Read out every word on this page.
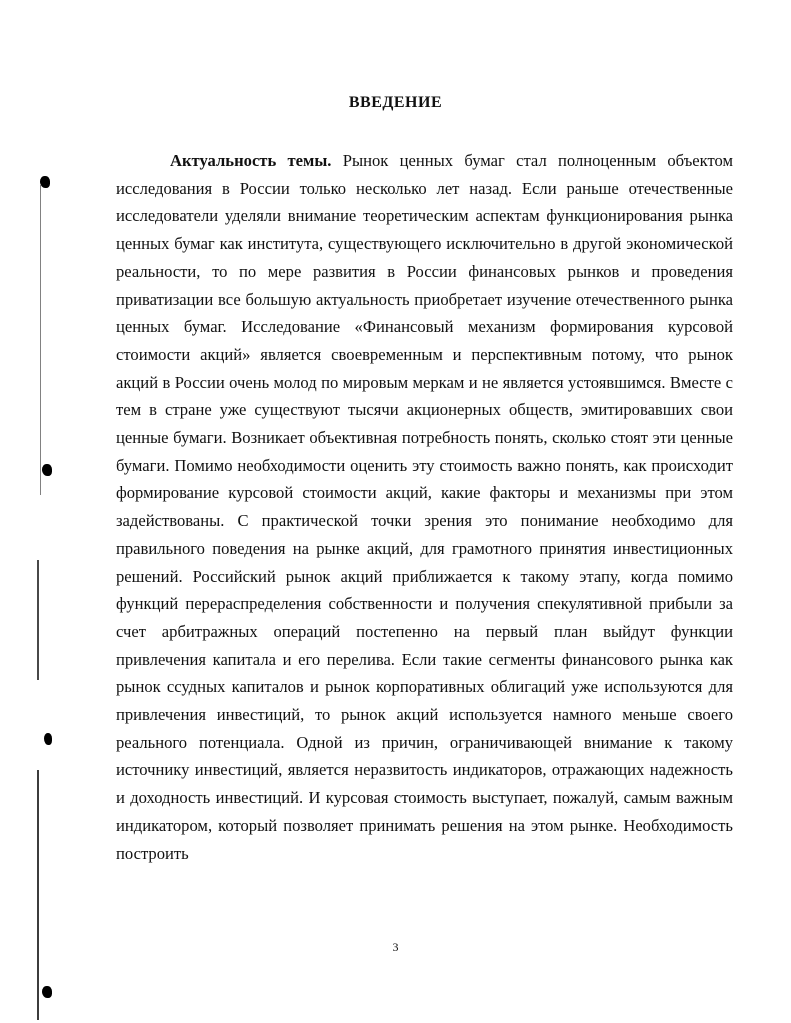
ВВЕДЕНИЕ

Актуальность темы. Рынок ценных бумаг стал полноценным объектом исследования в России только несколько лет назад. Если раньше отечественные исследователи уделяли внимание теоретическим аспектам функционирования рынка ценных бумаг как института, существующего исключительно в другой экономической реальности, то по мере развития в России финансовых рынков и проведения приватизации все большую актуальность приобретает изучение отечественного рынка ценных бумаг. Исследование «Финансовый механизм формирования курсовой стоимости акций» является своевременным и перспективным потому, что рынок акций в России очень молод по мировым меркам и не является устоявшимся. Вместе с тем в стране уже существуют тысячи акционерных обществ, эмитировавших свои ценные бумаги. Возникает объективная потребность понять, сколько стоят эти ценные бумаги. Помимо необходимости оценить эту стоимость важно понять, как происходит формирование курсовой стоимости акций, какие факторы и механизмы при этом задействованы. С практической точки зрения это понимание необходимо для правильного поведения на рынке акций, для грамотного принятия инвестиционных решений. Российский рынок акций приближается к такому этапу, когда помимо функций перераспределения собственности и получения спекулятивной прибыли за счет арбитражных операций постепенно на первый план выйдут функции привлечения капитала и его перелива. Если такие сегменты финансового рынка как рынок ссудных капиталов и рынок корпоративных облигаций уже используются для привлечения инвестиций, то рынок акций используется намного меньше своего реального потенциала. Одной из причин, ограничивающей внимание к такому источнику инвестиций, является неразвитость индикаторов, отражающих надежность и доходность инвестиций. И курсовая стоимость выступает, пожалуй, самым важным индикатором, который позволяет принимать решения на этом рынке. Необходимость построить

3
